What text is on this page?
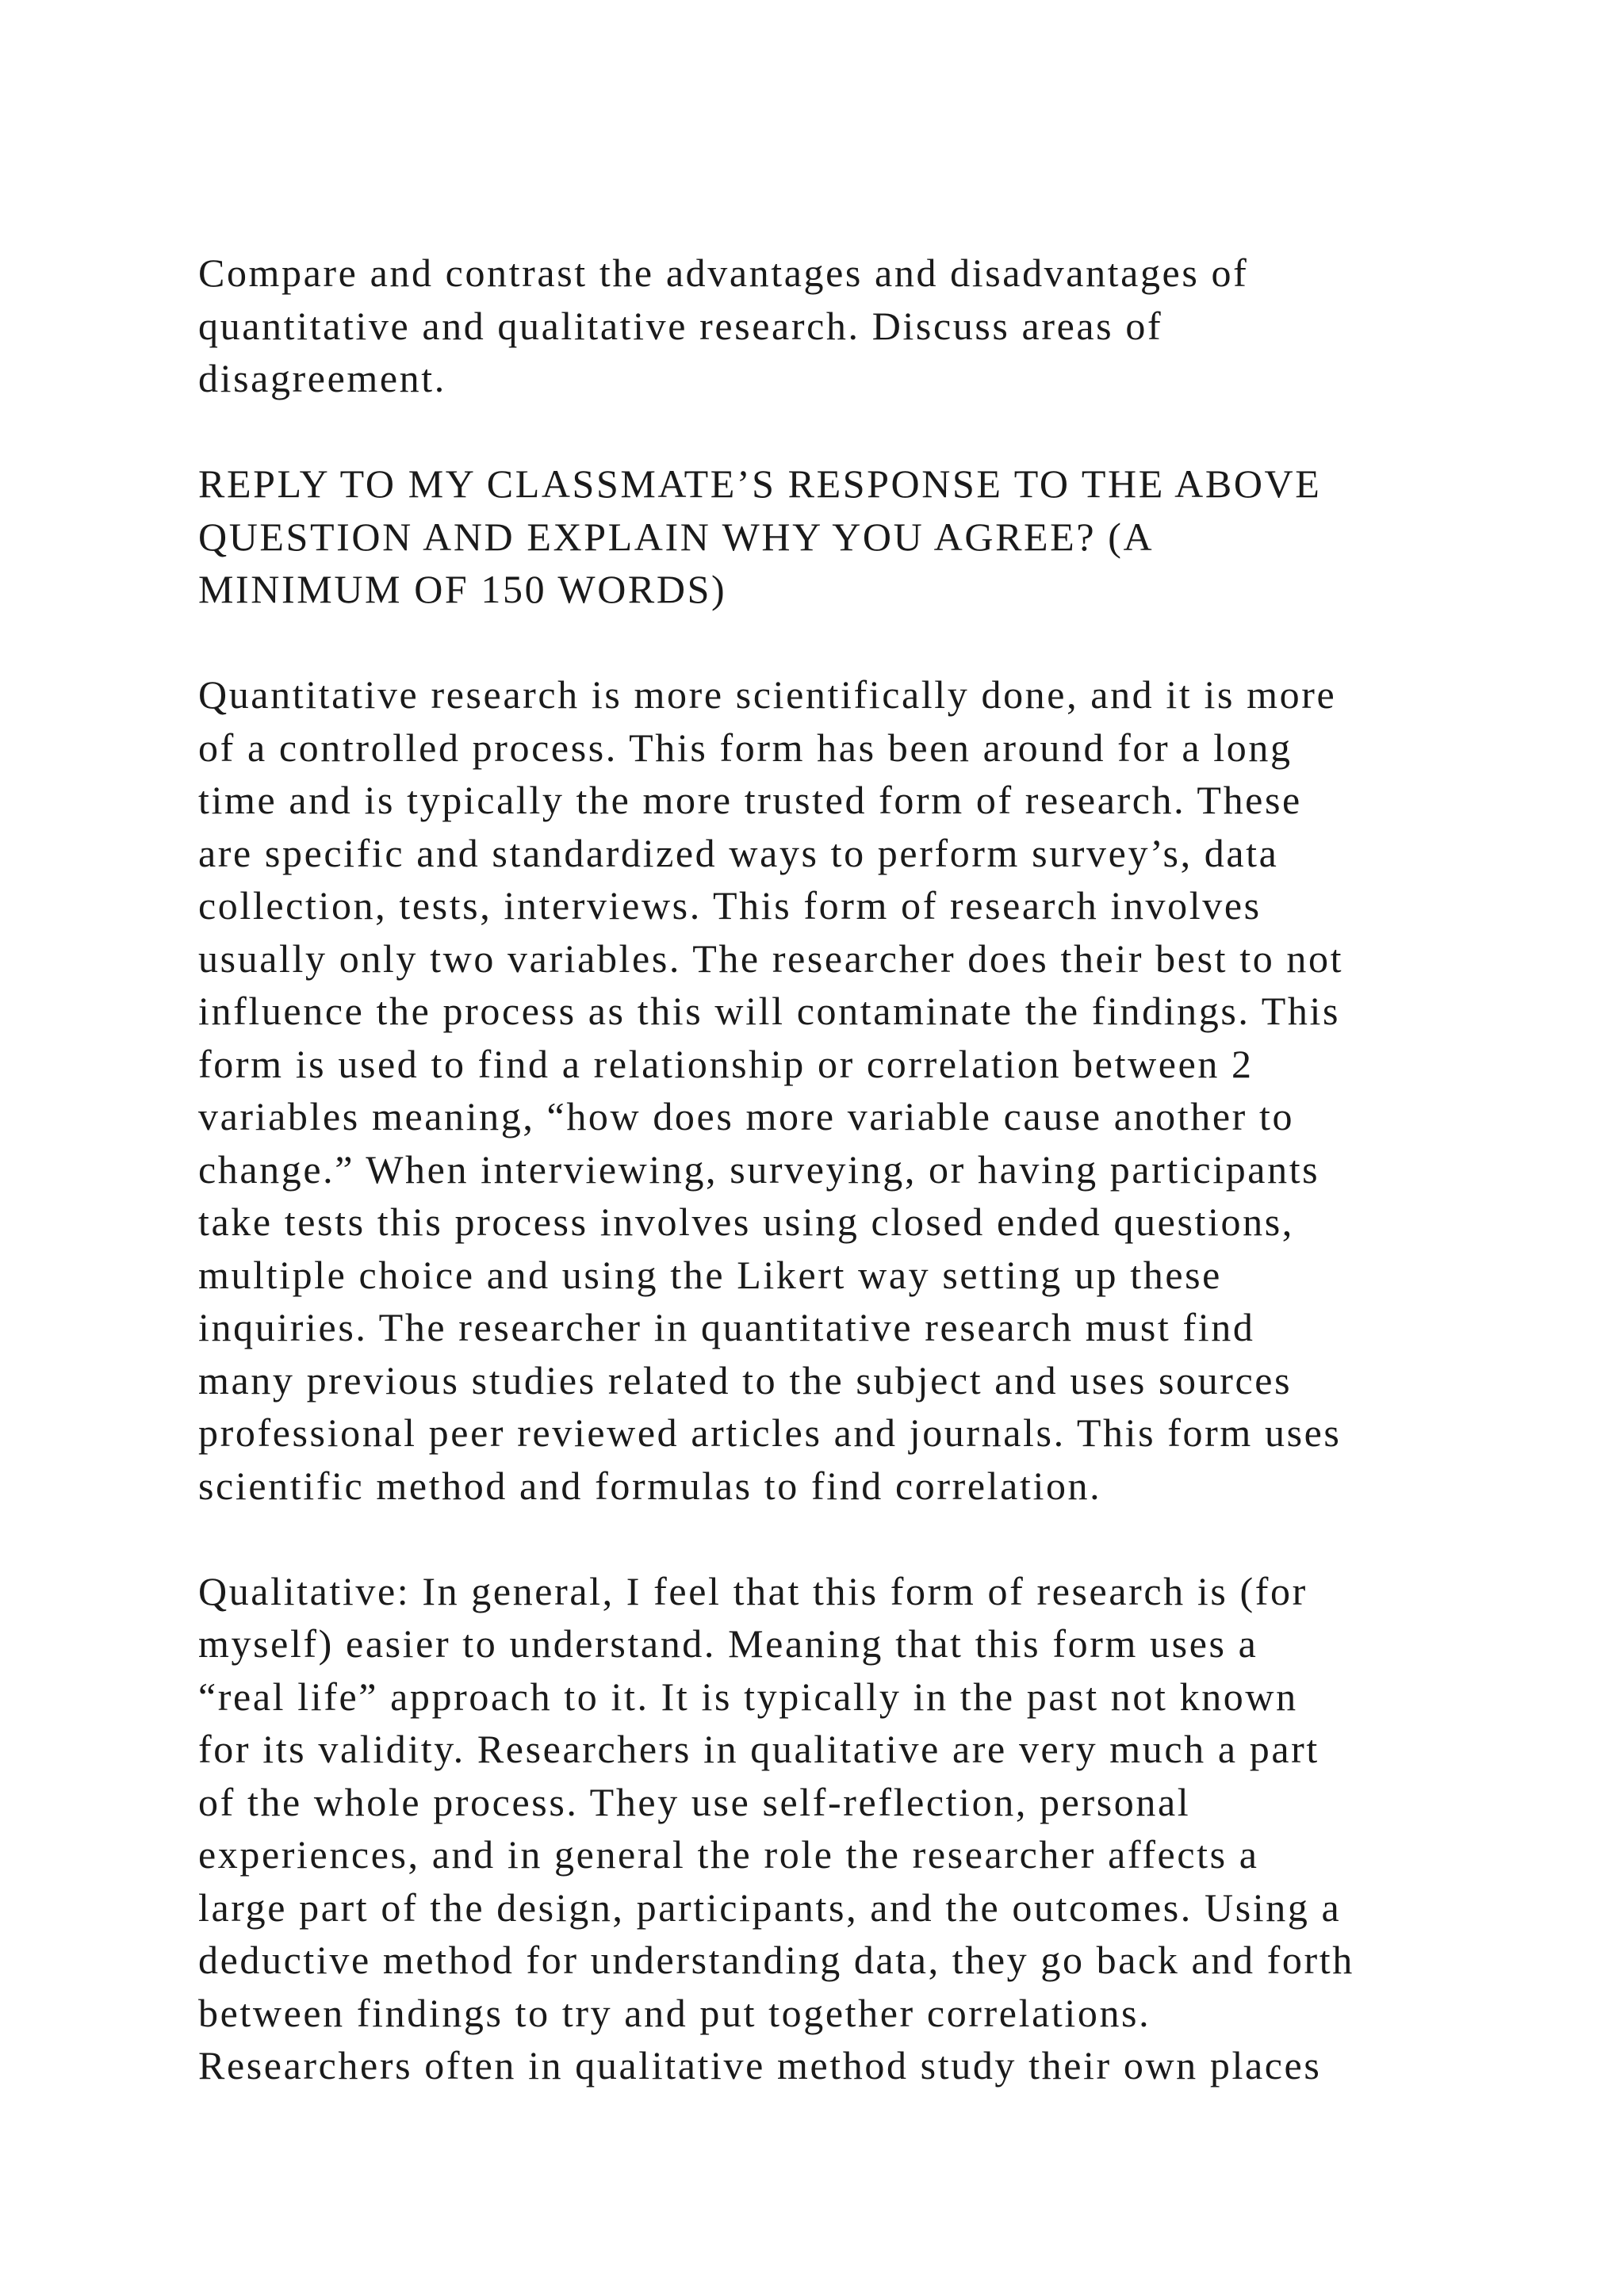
Compare and contrast the advantages and disadvantages of
quantitative and qualitative research. Discuss areas of
disagreement.
REPLY TO MY CLASSMATE’S RESPONSE TO THE ABOVE
QUESTION AND EXPLAIN WHY YOU AGREE? (A
MINIMUM OF 150 WORDS)
Quantitative research is more scientifically done, and it is more
of a controlled process. This form has been around for a long
time and is typically the more trusted form of research. These
are specific and standardized ways to perform survey’s, data
collection, tests, interviews. This form of research involves
usually only two variables. The researcher does their best to not
influence the process as this will contaminate the findings. This
form is used to find a relationship or correlation between 2
variables meaning, “how does more variable cause another to
change.” When interviewing, surveying, or having participants
take tests this process involves using closed ended questions,
multiple choice and using the Likert way setting up these
inquiries. The researcher in quantitative research must find
many previous studies related to the subject and uses sources
professional peer reviewed articles and journals. This form uses
scientific method and formulas to find correlation.
Qualitative: In general, I feel that this form of research is (for
myself) easier to understand. Meaning that this form uses a
“real life” approach to it. It is typically in the past not known
for its validity. Researchers in qualitative are very much a part
of the whole process. They use self-reflection, personal
experiences, and in general the role the researcher affects a
large part of the design, participants, and the outcomes. Using a
deductive method for understanding data, they go back and forth
between findings to try and put together correlations.
Researchers often in qualitative method study their own places
